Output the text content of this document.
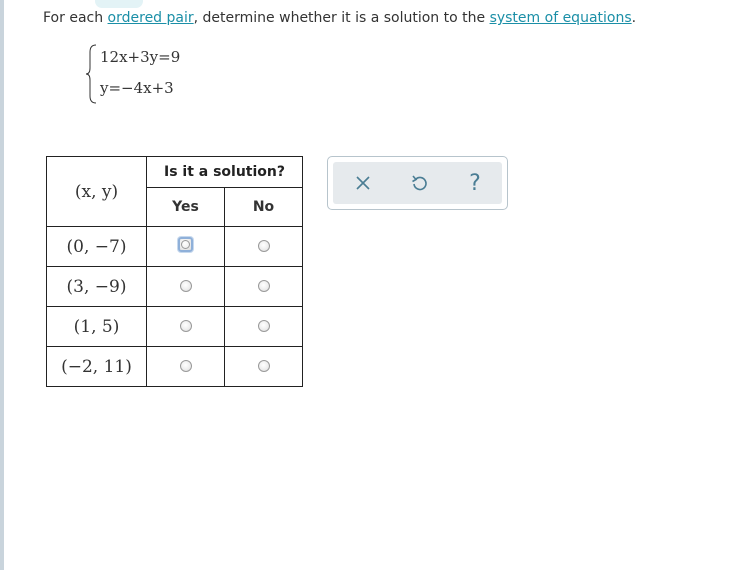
For each ordered pair, determine whether it is a solution to the system of equations.
12x+3y=9
y=−4x+3
(x, y)	Is it a solution?	
	Yes	No
(0, −7)		
(3, −9)		
(1, 5)		
(−2, 11)		
?
